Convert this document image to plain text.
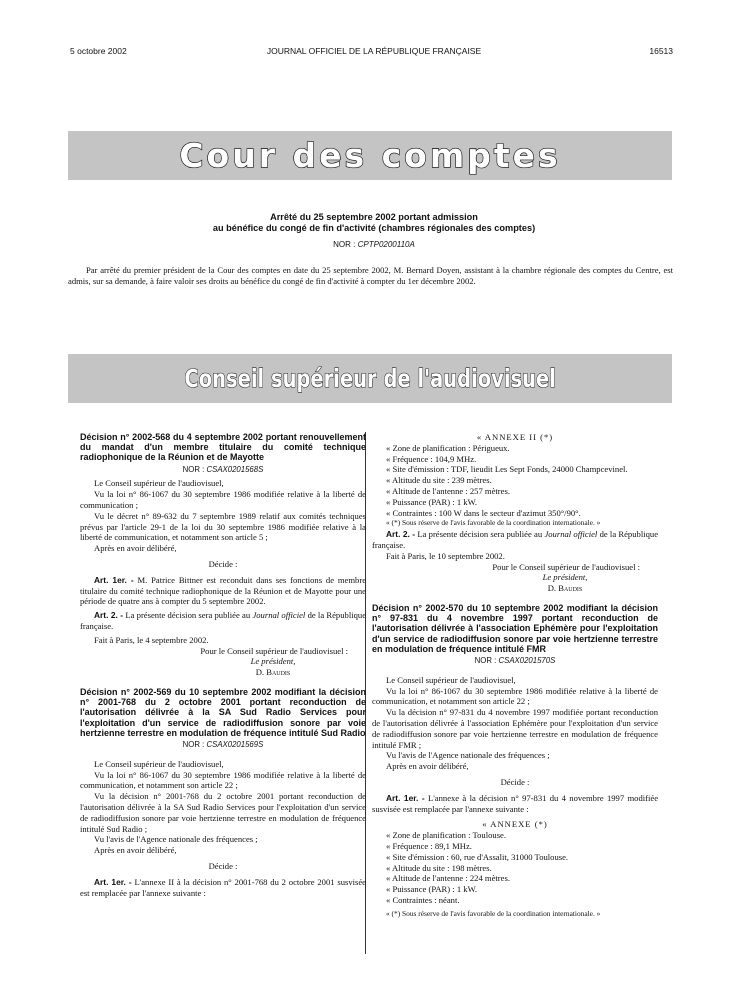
JOURNAL OFFICIEL DE LA RÉPUBLIQUE FRANÇAISE
5 octobre 2002	16513
Cour des comptes
Arrêté du 25 septembre 2002 portant admission
au bénéfice du congé de fin d'activité (chambres régionales des comptes)
NOR : CPTP0200110A
Par arrêté du premier président de la Cour des comptes en date du 25 septembre 2002, M. Bernard Doyen, assistant à la chambre régionale des comptes du Centre, est admis, sur sa demande, à faire valoir ses droits au bénéfice du congé de fin d'activité à compter du 1er décembre 2002.
Conseil supérieur de l'audiovisuel
Décision n° 2002-568 du 4 septembre 2002 portant renouvellement du mandat d'un membre titulaire du comité technique radiophonique de la Réunion et de Mayotte
NOR : CSAX0201568S
Le Conseil supérieur de l'audiovisuel,
Vu la loi n° 86-1067 du 30 septembre 1986 modifiée relative à la liberté de communication ;
Vu le décret n° 89-632 du 7 septembre 1989 relatif aux comités techniques prévus par l'article 29-1 de la loi du 30 septembre 1986 modifiée relative à la liberté de communication, et notamment son article 5 ;
Après en avoir délibéré,
Décide :
Art. 1er. - M. Patrice Bittner est reconduit dans ses fonctions de membre titulaire du comité technique radiophonique de la Réunion et de Mayotte pour une période de quatre ans à compter du 5 septembre 2002.
Art. 2. - La présente décision sera publiée au Journal officiel de la République française.
Fait à Paris, le 4 septembre 2002.
Pour le Conseil supérieur de l'audiovisuel :
Le président,
D. Baudis
Décision n° 2002-569 du 10 septembre 2002 modifiant la décision n° 2001-768 du 2 octobre 2001 portant reconduction de l'autorisation délivrée à la SA Sud Radio Services pour l'exploitation d'un service de radiodiffusion sonore par voie hertzienne terrestre en modulation de fréquence intitulé Sud Radio
NOR : CSAX0201569S
Le Conseil supérieur de l'audiovisuel,
Vu la loi n° 86-1067 du 30 septembre 1986 modifiée relative à la liberté de communication, et notamment son article 22 ;
Vu la décision n° 2001-768 du 2 octobre 2001 portant reconduction de l'autorisation délivrée à la SA Sud Radio Services pour l'exploitation d'un service de radiodiffusion sonore par voie hertzienne terrestre en modulation de fréquence intitulé Sud Radio ;
Vu l'avis de l'Agence nationale des fréquences ;
Après en avoir délibéré,
Décide :
Art. 1er. - L'annexe II à la décision n° 2001-768 du 2 octobre 2001 susvisée est remplacée par l'annexe suivante :
« ANNEXE II (*)
« Zone de planification : Périgueux.
« Fréquence : 104,9 MHz.
« Site d'émission : TDF, lieudit Les Sept Fonds, 24000 Champcevinel.
« Altitude du site : 239 mètres.
« Altitude de l'antenne : 257 mètres.
« Puissance (PAR) : 1 kW.
« Contraintes : 100 W dans le secteur d'azimut 350°/90°.
« (*) Sous réserve de l'avis favorable de la coordination internationale. »
Art. 2. - La présente décision sera publiée au Journal officiel de la République française.
Fait à Paris, le 10 septembre 2002.
Pour le Conseil supérieur de l'audiovisuel :
Le président,
D. Baudis
Décision n° 2002-570 du 10 septembre 2002 modifiant la décision n° 97-831 du 4 novembre 1997 portant reconduction de l'autorisation délivrée à l'association Ephémère pour l'exploitation d'un service de radiodiffusion sonore par voie hertzienne terrestre en modulation de fréquence intitulé FMR
NOR : CSAX0201570S
Le Conseil supérieur de l'audiovisuel,
Vu la loi n° 86-1067 du 30 septembre 1986 modifiée relative à la liberté de communication, et notamment son article 22 ;
Vu la décision n° 97-831 du 4 novembre 1997 modifiée portant reconduction de l'autorisation délivrée à l'association Ephémère pour l'exploitation d'un service de radiodiffusion sonore par voie hertzienne terrestre en modulation de fréquence intitulé FMR ;
Vu l'avis de l'Agence nationale des fréquences ;
Après en avoir délibéré,
Décide :
Art. 1er. - L'annexe à la décision n° 97-831 du 4 novembre 1997 modifiée susvisée est remplacée par l'annexe suivante :
« ANNEXE (*)
« Zone de planification : Toulouse.
« Fréquence : 89,1 MHz.
« Site d'émission : 60, rue d'Assalit, 31000 Toulouse.
« Altitude du site : 198 mètres.
« Altitude de l'antenne : 224 mètres.
« Puissance (PAR) : 1 kW.
« Contraintes : néant.
« (*) Sous réserve de l'avis favorable de la coordination internationale. »
